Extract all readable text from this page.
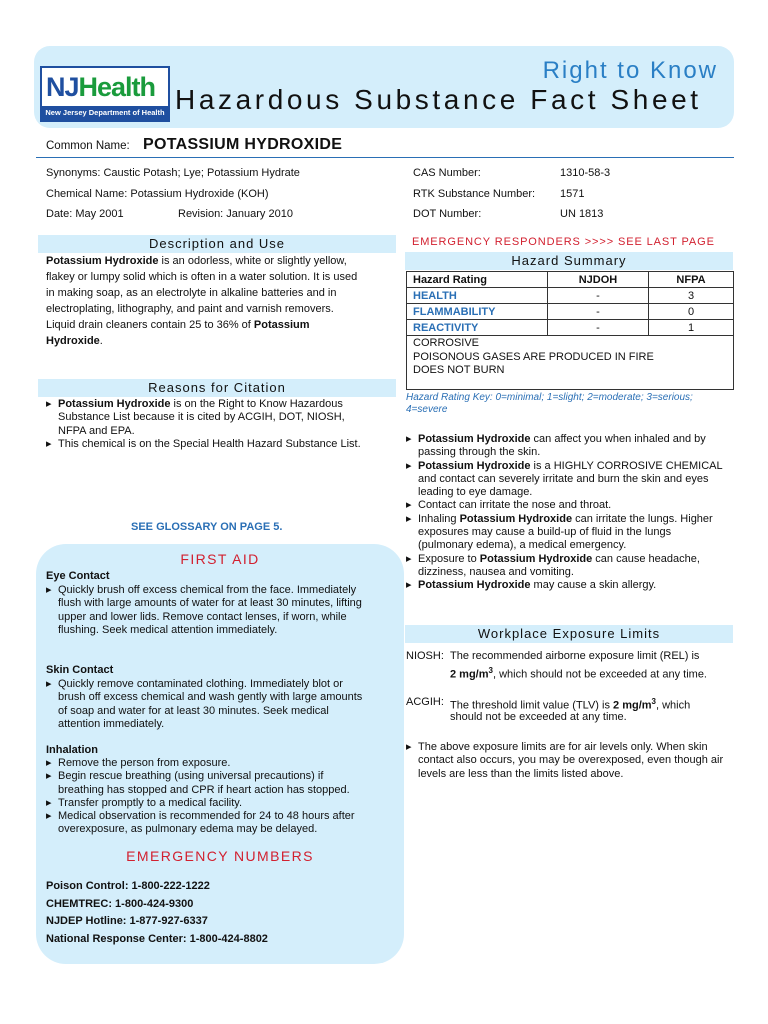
NJHealth
New Jersey Department of Health
Right to Know
Hazardous Substance Fact Sheet
Common Name: POTASSIUM HYDROXIDE
Synonyms: Caustic Potash; Lye; Potassium Hydrate
Chemical Name: Potassium Hydroxide (KOH)
Date: May 2001	Revision: January 2010
CAS Number:	1310-58-3
RTK Substance Number: 1571
DOT Number:	UN 1813
Description and Use
Potassium Hydroxide is an odorless, white or slightly yellow, flakey or lumpy solid which is often in a water solution. It is used in making soap, as an electrolyte in alkaline batteries and in electroplating, lithography, and paint and varnish removers. Liquid drain cleaners contain 25 to 36% of Potassium Hydroxide.
Reasons for Citation
▸ Potassium Hydroxide is on the Right to Know Hazardous Substance List because it is cited by ACGIH, DOT, NIOSH, NFPA and EPA.
▸ This chemical is on the Special Health Hazard Substance List.
SEE GLOSSARY ON PAGE 5.
FIRST AID
Eye Contact
▸ Quickly brush off excess chemical from the face. Immediately flush with large amounts of water for at least 30 minutes, lifting upper and lower lids. Remove contact lenses, if worn, while flushing. Seek medical attention immediately.
Skin Contact
▸ Quickly remove contaminated clothing. Immediately blot or brush off excess chemical and wash gently with large amounts of soap and water for at least 30 minutes. Seek medical attention immediately.
Inhalation
▸ Remove the person from exposure.
▸ Begin rescue breathing (using universal precautions) if breathing has stopped and CPR if heart action has stopped.
▸ Transfer promptly to a medical facility.
▸ Medical observation is recommended for 24 to 48 hours after overexposure, as pulmonary edema may be delayed.
EMERGENCY NUMBERS
Poison Control: 1-800-222-1222
CHEMTREC: 1-800-424-9300
NJDEP Hotline: 1-877-927-6337
National Response Center: 1-800-424-8802
EMERGENCY RESPONDERS >>>> SEE LAST PAGE
Hazard Summary
Hazard Rating	NJDOH	NFPA
HEALTH	-	3
FLAMMABILITY	-	0
REACTIVITY	-	1

CORROSIVE
POISONOUS GASES ARE PRODUCED IN FIRE
DOES NOT BURN		
Hazard Rating Key: 0=minimal; 1=slight; 2=moderate; 3=serious; 4=severe
▸ Potassium Hydroxide can affect you when inhaled and by passing through the skin.
▸ Potassium Hydroxide is a HIGHLY CORROSIVE CHEMICAL and contact can severely irritate and burn the skin and eyes leading to eye damage.
▸ Contact can irritate the nose and throat.
▸ Inhaling Potassium Hydroxide can irritate the lungs. Higher exposures may cause a build-up of fluid in the lungs (pulmonary edema), a medical emergency.
▸ Exposure to Potassium Hydroxide can cause headache, dizziness, nausea and vomiting.
▸ Potassium Hydroxide may cause a skin allergy.
Workplace Exposure Limits
NIOSH: The recommended airborne exposure limit (REL) is
2 $mg/m^3$, which should not be exceeded at any time.
ACGIH: The threshold limit value (TLV) is 2 $mg/m^3$, which
should not be exceeded at any time.
▸ The above exposure limits are for air levels only. When skin contact also occurs, you may be overexposed, even though air levels are less than the limits listed above.
